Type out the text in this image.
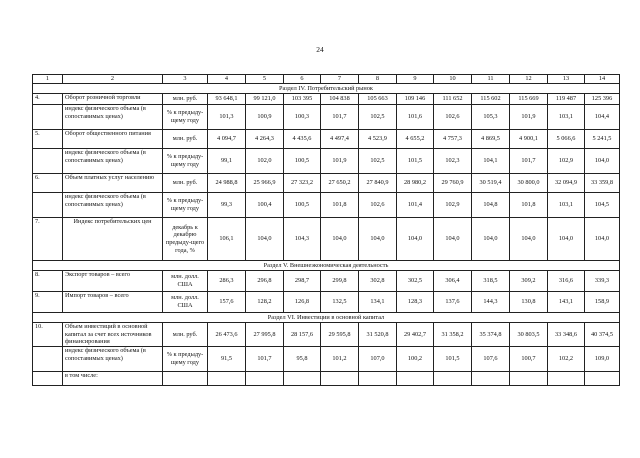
24
1	2	3	4	5	6	7	8	9	10	11	12	13	14
Раздел IV. Потребительский рынок													
4.	Оборот розничной торговли	млн. руб.	93 648,1	99 121,0	103 395	104 838	105 663	109 146	111 652	115 602	115 669	119 487	125 396
	индекс физического объема (в сопоставимых ценах)	% к предыду-щему году	101,3	100,9	100,3	101,7	102,5	101,6	102,6	105,3	101,9	103,1	104,4
5.	Оборот общественного питания	млн. руб.	4 094,7	4 264,3	4 435,6	4 497,4	4 523,9	4 655,2	4 757,3	4 869,5	4 900,1	5 066,6	5 241,5
	индекс физического объема (в сопоставимых ценах)	% к предыду-щему году	99,1	102,0	100,5	101,9	102,5	101,5	102,3	104,1	101,7	102,9	104,0
6.	Объем платных услуг населению	млн. руб.	24 988,8	25 966,9	27 323,2	27 650,2	27 840,9	28 980,2	29 760,9	30 519,4	30 800,0	32 094,9	33 359,8
	индекс физического объема (в сопоставимых ценах)	% к предыду-щему году	99,3	100,4	100,5	101,8	102,6	101,4	102,9	104,8	101,8	103,1	104,5
7.	Индекс потребительских цен	декабрь к декабрю предыду-щего года, %	106,1	104,0	104,3	104,0	104,0	104,0	104,0	104,0	104,0	104,0	104,0
Раздел V. Внешнеэкономическая деятельность													
8.	Экспорт товаров – всего	млн. долл. США	286,3	296,8	298,7	299,8	302,8	302,5	306,4	318,5	309,2	316,6	339,3
9.	Импорт товаров – всего	млн. долл. США	157,6	128,2	126,8	132,5	134,1	128,3	137,6	144,3	130,8	143,1	158,9
Раздел VI. Инвестиции в основной капитал													
10.	Объем инвестиций в основной капитал за счет всех источников финансирования	млн. руб.	26 473,6	27 995,8	28 157,6	29 595,8	31 520,8	29 402,7	31 358,2	35 374,8	30 803,5	33 348,6	40 374,5
	индекс физического объема (в сопоставимых ценах)	% к предыду-щему году	91,5	101,7	95,8	101,2	107,0	100,2	101,5	107,6	100,7	102,2	109,0
	в том числе:												
